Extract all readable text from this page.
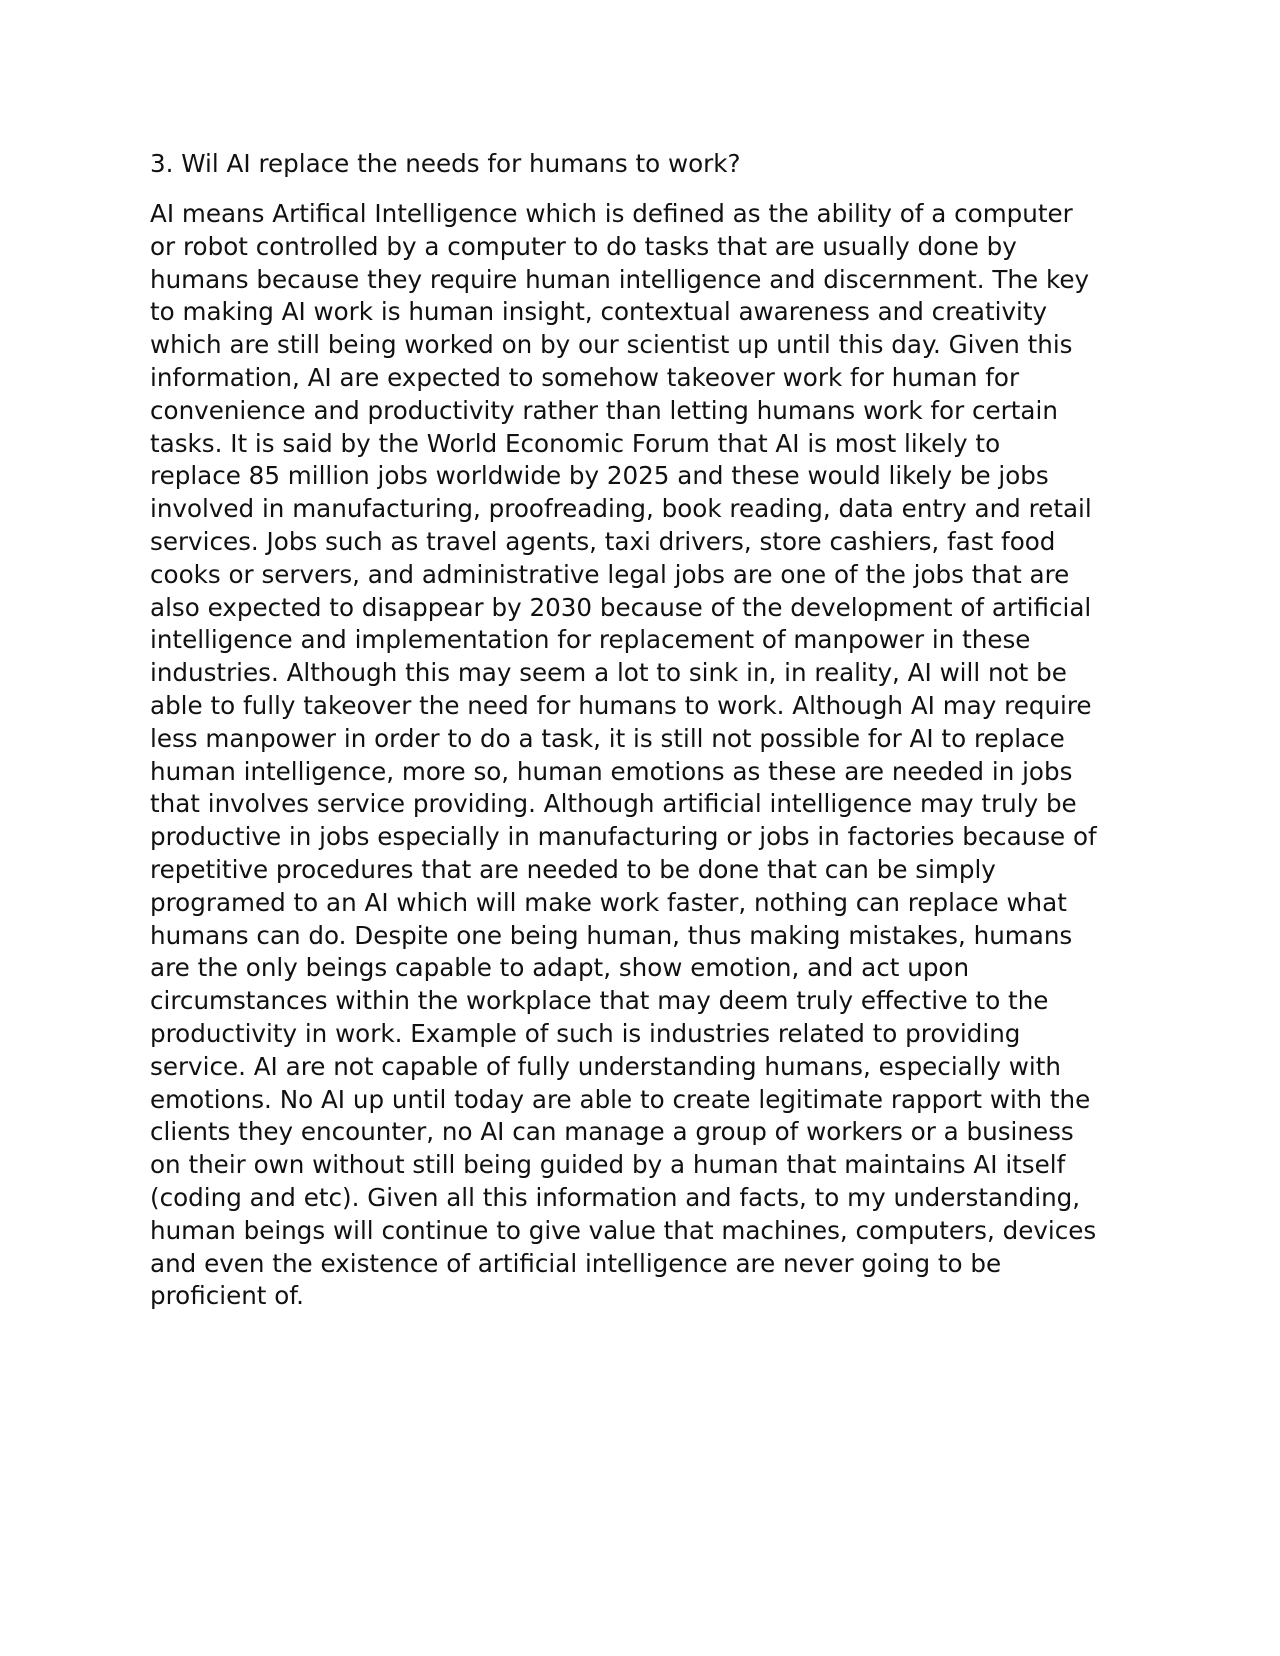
3. Wil AI replace the needs for humans to work?

AI means Artifical Intelligence which is defined as the ability of a computer
or robot controlled by a computer to do tasks that are usually done by
humans because they require human intelligence and discernment. The key
to making AI work is human insight, contextual awareness and creativity
which are still being worked on by our scientist up until this day. Given this
information, AI are expected to somehow takeover work for human for
convenience and productivity rather than letting humans work for certain
tasks. It is said by the World Economic Forum that AI is most likely to
replace 85 million jobs worldwide by 2025 and these would likely be jobs
involved in manufacturing, proofreading, book reading, data entry and retail
services. Jobs such as travel agents, taxi drivers, store cashiers, fast food
cooks or servers, and administrative legal jobs are one of the jobs that are
also expected to disappear by 2030 because of the development of artificial
intelligence and implementation for replacement of manpower in these
industries. Although this may seem a lot to sink in, in reality, AI will not be
able to fully takeover the need for humans to work. Although AI may require
less manpower in order to do a task, it is still not possible for AI to replace
human intelligence, more so, human emotions as these are needed in jobs
that involves service providing. Although artificial intelligence may truly be
productive in jobs especially in manufacturing or jobs in factories because of
repetitive procedures that are needed to be done that can be simply
programed to an AI which will make work faster, nothing can replace what
humans can do. Despite one being human, thus making mistakes, humans
are the only beings capable to adapt, show emotion, and act upon
circumstances within the workplace that may deem truly effective to the
productivity in work. Example of such is industries related to providing
service. AI are not capable of fully understanding humans, especially with
emotions. No AI up until today are able to create legitimate rapport with the
clients they encounter, no AI can manage a group of workers or a business
on their own without still being guided by a human that maintains AI itself
(coding and etc). Given all this information and facts, to my understanding,
human beings will continue to give value that machines, computers, devices
and even the existence of artificial intelligence are never going to be
proficient of.
